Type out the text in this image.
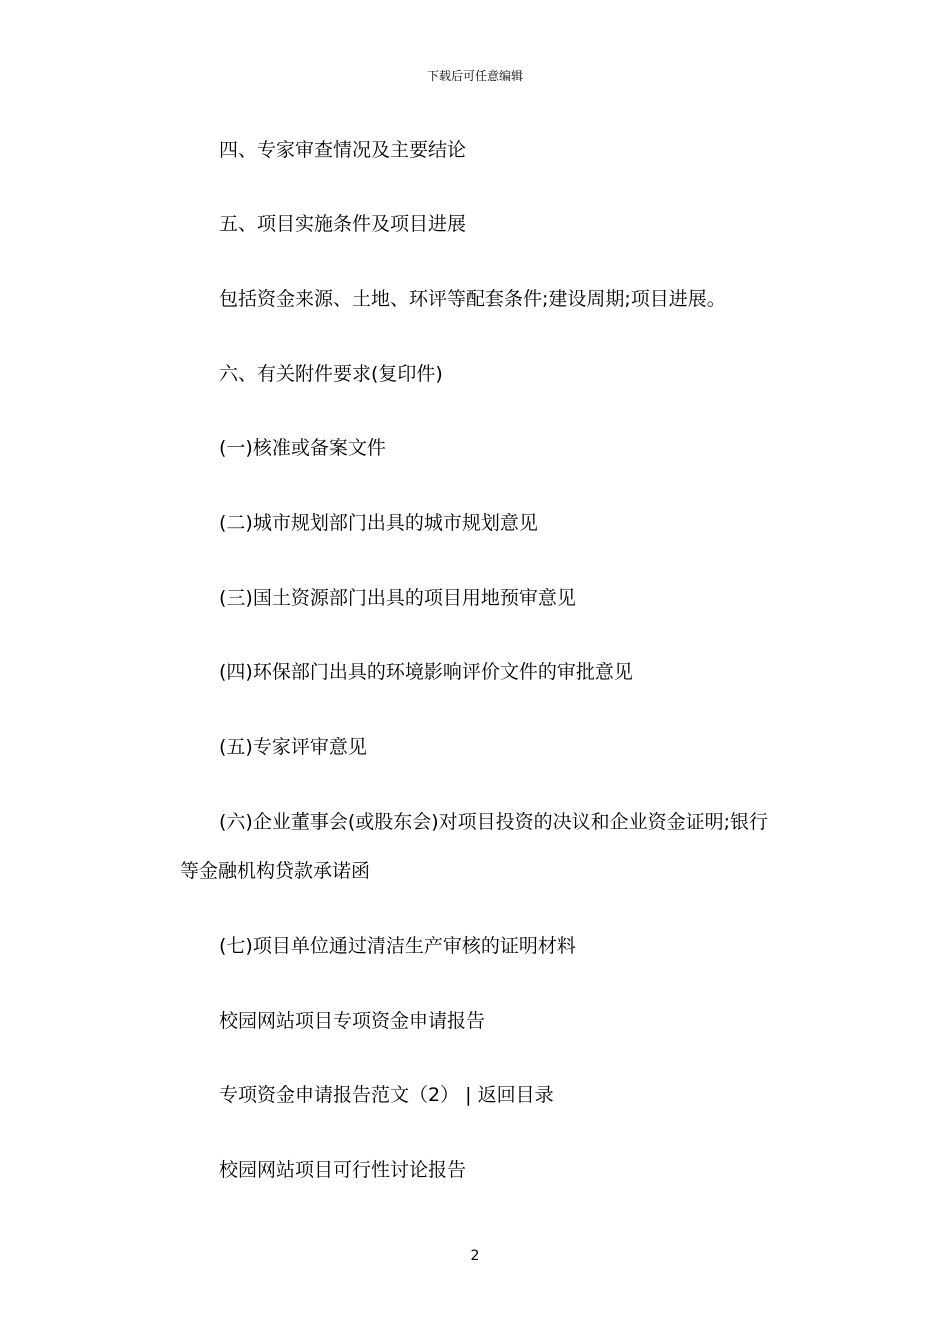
下载后可任意编辑
四、专家审查情况及主要结论
五、项目实施条件及项目进展
包括资金来源、土地、环评等配套条件;建设周期;项目进展。
六、有关附件要求(复印件)
(一)核准或备案文件
(二)城市规划部门出具的城市规划意见
(三)国土资源部门出具的项目用地预审意见
(四)环保部门出具的环境影响评价文件的审批意见
(五)专家评审意见
(六)企业董事会(或股东会)对项目投资的决议和企业资金证明;银行
等金融机构贷款承诺函
(七)项目单位通过清洁生产审核的证明材料
校园网站项目专项资金申请报告
专项资金申请报告范文（2） | 返回目录
校园网站项目可行性讨论报告
2
